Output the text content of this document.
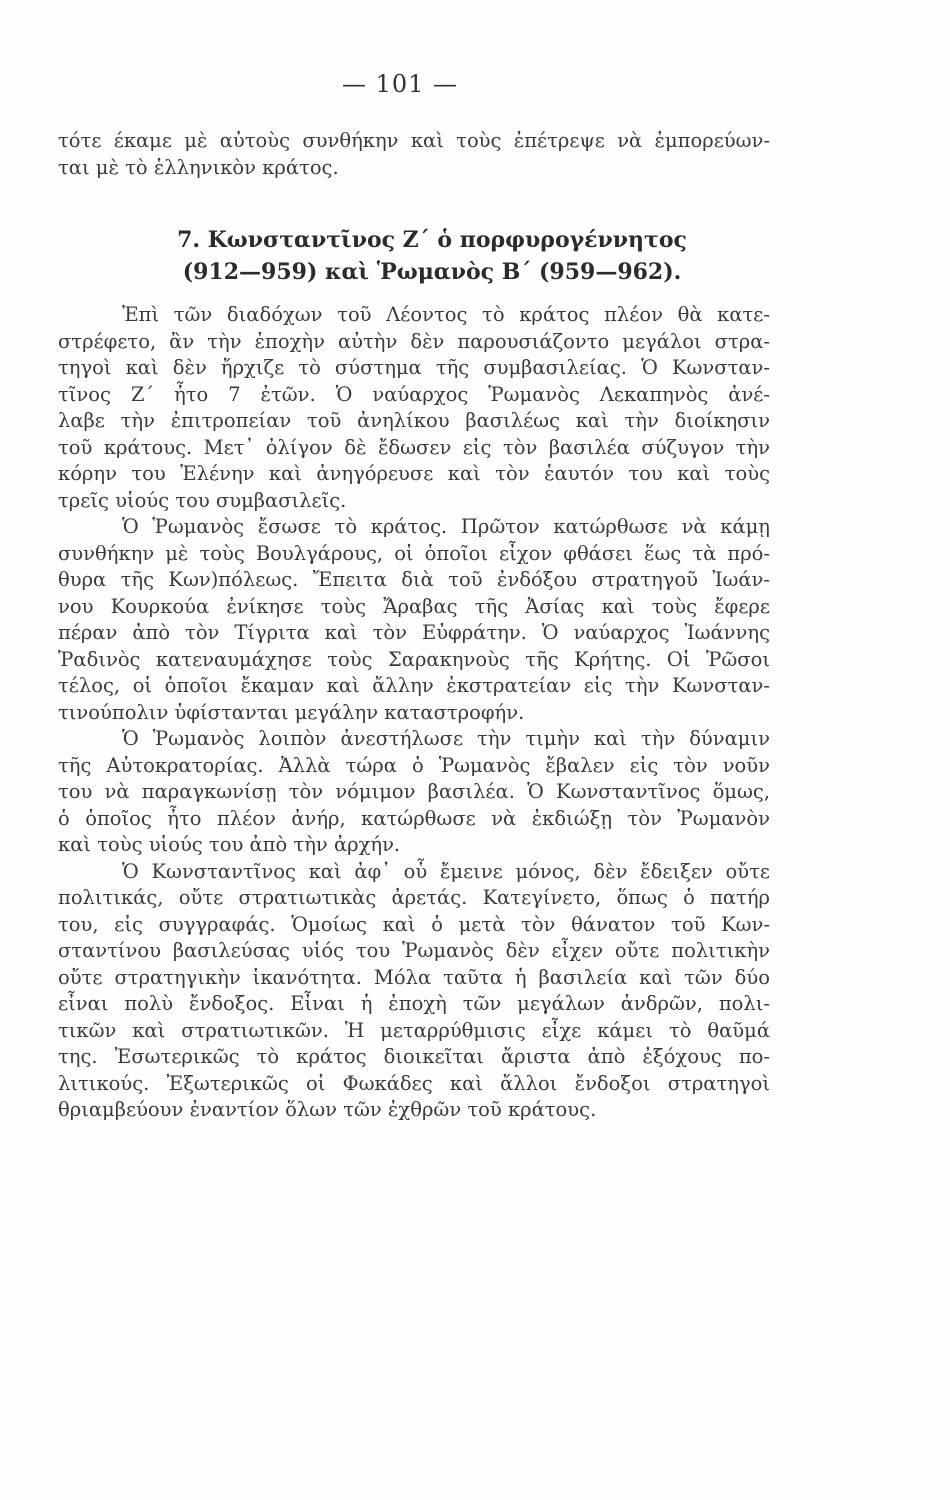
— 101 —
τότε έκαμε μὲ αὐτοὺς συνθήκην καὶ τοὺς ἐπέτρεψε νὰ ἐμπορεύων-
ται μὲ τὸ ἑλληνικὸν κράτος.
7. Κωνσταντῖνος Ζ΄ ὁ πορφυρογέννητος
(912—959) καὶ Ῥωμανὸς Β΄ (959—962).
Ἐπὶ τῶν διαδόχων τοῦ Λέοντος τὸ κράτος πλέον θὰ κατε-
στρέφετο, ἂν τὴν ἐποχὴν αὐτὴν δὲν παρουσιάζοντο μεγάλοι στρα-
τηγοὶ καὶ δὲν ἤρχιζε τὸ σύστημα τῆς συμβασιλείας. Ὁ Κωνσταν-
τῖνος Ζ΄ ἦτο 7 ἐτῶν. Ὁ ναύαρχος Ῥωμανὸς Λεκαπηνὸς ἀνέ-
λαβε τὴν ἐπιτροπείαν τοῦ ἀνηλίκου βασιλέως καὶ τὴν διοίκησιν
τοῦ κράτους. Μετ᾽ ὀλίγον δὲ ἔδωσεν εἰς τὸν βασιλέα σύζυγον τὴν
κόρην του Ἑλένην καὶ ἀνηγόρευσε καὶ τὸν ἑαυτόν του καὶ τοὺς
τρεῖς υἱούς του συμβασιλεῖς.
Ὁ Ῥωμανὸς ἔσωσε τὸ κράτος. Πρῶτον κατώρθωσε νὰ κάμῃ
συνθήκην μὲ τοὺς Βουλγάρους, οἱ ὁποῖοι εἶχον φθάσει ἕως τὰ πρό-
θυρα τῆς Κων)πόλεως. Ἔπειτα διὰ τοῦ ἐνδόξου στρατηγοῦ Ἰωάν-
νου Κουρκούα ἐνίκησε τοὺς Ἄραβας τῆς Ἀσίας καὶ τοὺς ἔφερε
πέραν ἀπὸ τὸν Τίγριτα καὶ τὸν Εὐφράτην. Ὁ ναύαρχος Ἰωάννης
Ῥαδινὸς κατεναυμάχησε τοὺς Σαρακηνοὺς τῆς Κρήτης. Οἱ Ῥῶσοι
τέλος, οἱ ὁποῖοι ἔκαμαν καὶ ἄλλην ἐκστρατείαν εἰς τὴν Κωνσταν-
τινούπολιν ὑφίστανται μεγάλην καταστροφήν.
Ὁ Ῥωμανὸς λοιπὸν ἀνεστήλωσε τὴν τιμὴν καὶ τὴν δύναμιν
τῆς Αὐτοκρατορίας. Ἀλλὰ τώρα ὁ Ῥωμανὸς ἔβαλεν εἰς τὸν νοῦν
του νὰ παραγκωνίσῃ τὸν νόμιμον βασιλέα. Ὁ Κωνσταντῖνος ὅμως,
ὁ ὁποῖος ἦτο πλέον ἀνήρ, κατώρθωσε νὰ ἐκδιώξῃ τὸν Ῥωμανὸν
καὶ τοὺς υἱούς του ἀπὸ τὴν ἀρχήν.
Ὁ Κωνσταντῖνος καὶ ἀφ᾽ οὗ ἔμεινε μόνος, δὲν ἔδειξεν οὔτε
πολιτικάς, οὔτε στρατιωτικὰς ἀρετάς. Κατεγίνετο, ὅπως ὁ πατήρ
του, εἰς συγγραφάς. Ὁμοίως καὶ ὁ μετὰ τὸν θάνατον τοῦ Κων-
σταντίνου βασιλεύσας υἱός του Ῥωμανὸς δὲν εἶχεν οὔτε πολιτικὴν
οὔτε στρατηγικὴν ἱκανότητα. Μόλα ταῦτα ἡ βασιλεία καὶ τῶν δύο
εἶναι πολὺ ἔνδοξος. Εἶναι ἡ ἐποχὴ τῶν μεγάλων ἀνδρῶν, πολι-
τικῶν καὶ στρατιωτικῶν. Ἡ μεταρρύθμισις εἶχε κάμει τὸ θαῦμά
της. Ἐσωτερικῶς τὸ κράτος διοικεῖται ἄριστα ἀπὸ ἐξόχους πο-
λιτικούς. Ἐξωτερικῶς οἱ Φωκάδες καὶ ἄλλοι ἔνδοξοι στρατηγοὶ
θριαμβεύουν ἐναντίον ὅλων τῶν ἐχθρῶν τοῦ κράτους.
